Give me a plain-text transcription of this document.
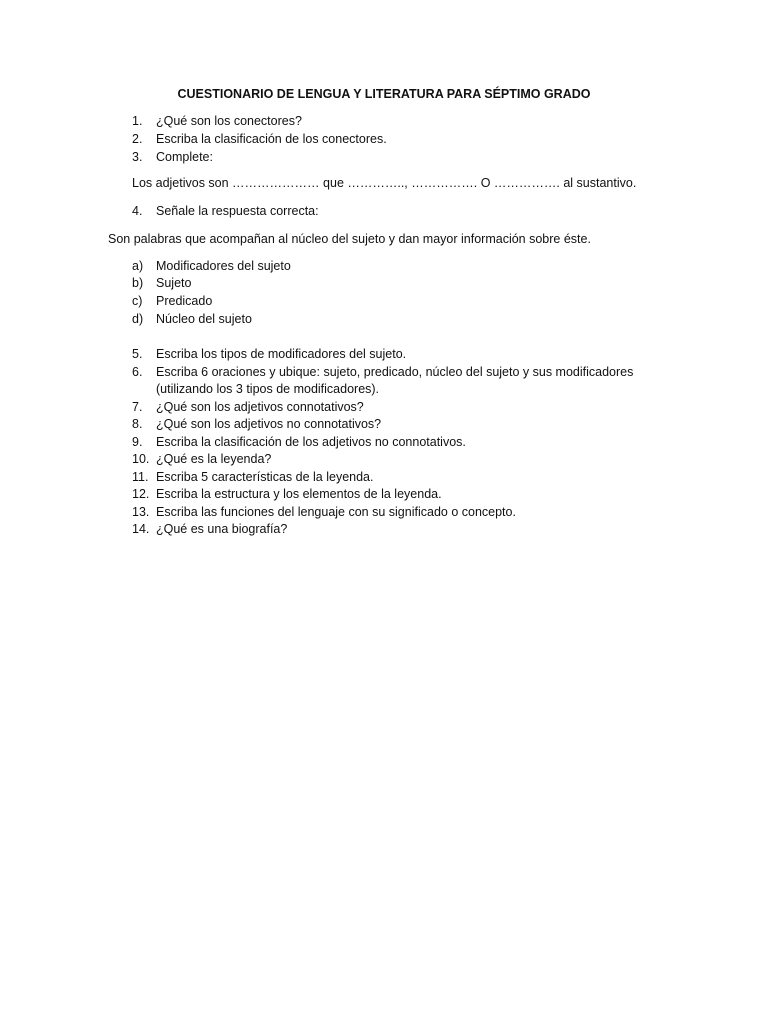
CUESTIONARIO DE LENGUA Y LITERATURA PARA SÉPTIMO GRADO
1. ¿Qué son los conectores?
2. Escriba la clasificación de los conectores.
3. Complete:
Los adjetivos son ………………… que ………….., ……………. O ……………. al sustantivo.
4. Señale la respuesta correcta:
Son palabras que acompañan al núcleo del sujeto y dan mayor información sobre éste.
a) Modificadores del sujeto
b) Sujeto
c) Predicado
d) Núcleo del sujeto
5. Escriba los tipos de modificadores del sujeto.
6. Escriba 6 oraciones y ubique: sujeto, predicado, núcleo del sujeto y sus modificadores
(utilizando los 3 tipos de modificadores).
7. ¿Qué son los adjetivos connotativos?
8. ¿Qué son los adjetivos no connotativos?
9. Escriba la clasificación de los adjetivos no connotativos.
10. ¿Qué es la leyenda?
11. Escriba 5 características de la leyenda.
12. Escriba la estructura y los elementos de la leyenda.
13. Escriba las funciones del lenguaje con su significado o concepto.
14. ¿Qué es una biografía?
